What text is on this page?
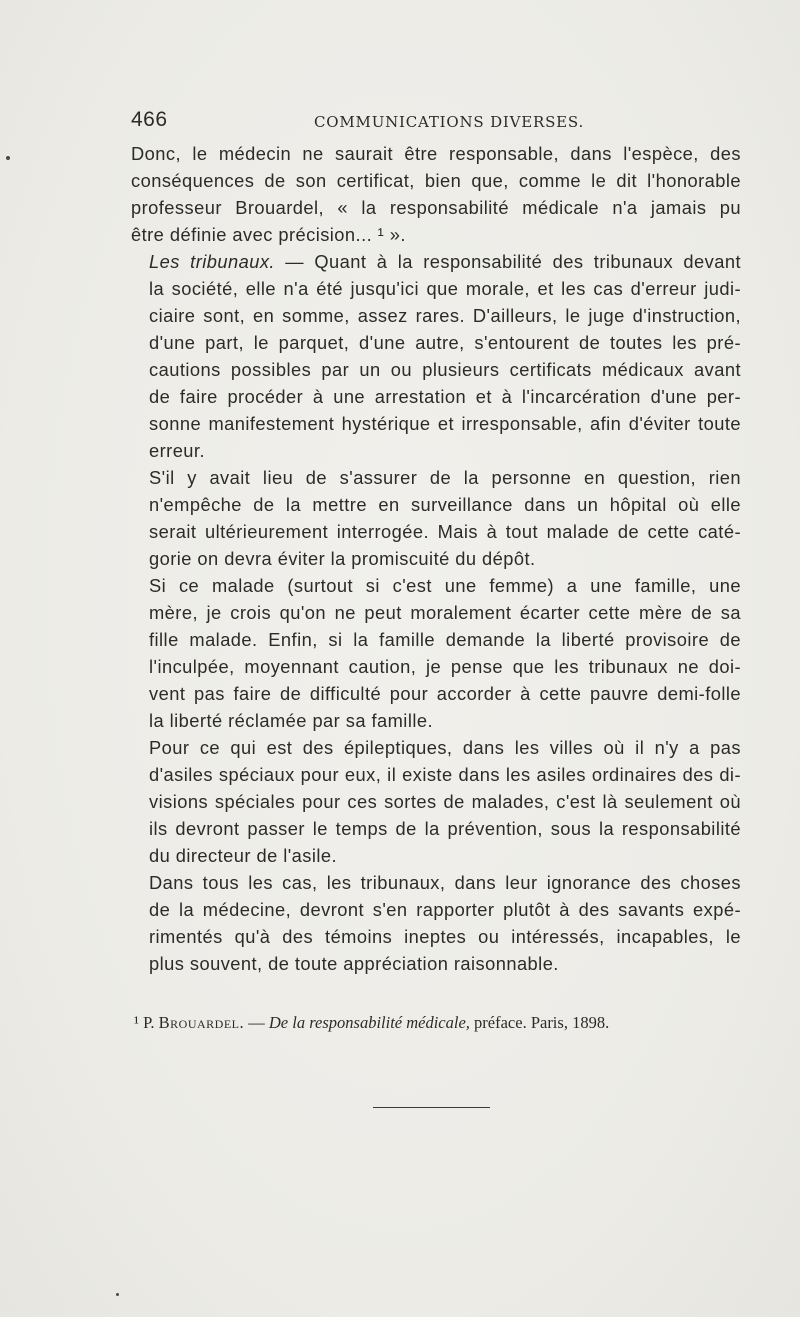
466	COMMUNICATIONS DIVERSES.

Donc, le médecin ne saurait être responsable, dans l'espèce, des
conséquences de son certificat, bien que, comme le dit l'honorable
professeur Brouardel, « la responsabilité médicale n'a jamais pu
être définie avec précision... ¹ ».

Les tribunaux. — Quant à la responsabilité des tribunaux devant
la société, elle n'a été jusqu'ici que morale, et les cas d'erreur judi-
ciaire sont, en somme, assez rares. D'ailleurs, le juge d'instruction,
d'une part, le parquet, d'une autre, s'entourent de toutes les pré-
cautions possibles par un ou plusieurs certificats médicaux avant
de faire procéder à une arrestation et à l'incarcération d'une per-
sonne manifestement hystérique et irresponsable, afin d'éviter toute
erreur.

S'il y avait lieu de s'assurer de la personne en question, rien
n'empêche de la mettre en surveillance dans un hôpital où elle
serait ultérieurement interrogée. Mais à tout malade de cette caté-
gorie on devra éviter la promiscuité du dépôt.

Si ce malade (surtout si c'est une femme) a une famille, une
mère, je crois qu'on ne peut moralement écarter cette mère de sa
fille malade. Enfin, si la famille demande la liberté provisoire de
l'inculpée, moyennant caution, je pense que les tribunaux ne doi-
vent pas faire de difficulté pour accorder à cette pauvre demi-folle
la liberté réclamée par sa famille.

Pour ce qui est des épileptiques, dans les villes où il n'y a pas
d'asiles spéciaux pour eux, il existe dans les asiles ordinaires des di-
visions spéciales pour ces sortes de malades, c'est là seulement où
ils devront passer le temps de la prévention, sous la responsabilité
du directeur de l'asile.

Dans tous les cas, les tribunaux, dans leur ignorance des choses
de la médecine, devront s'en rapporter plutôt à des savants expé-
rimentés qu'à des témoins ineptes ou intéressés, incapables, le
plus souvent, de toute appréciation raisonnable.

¹ P. Brouardel. — De la responsabilité médicale, préface. Paris, 1898.
